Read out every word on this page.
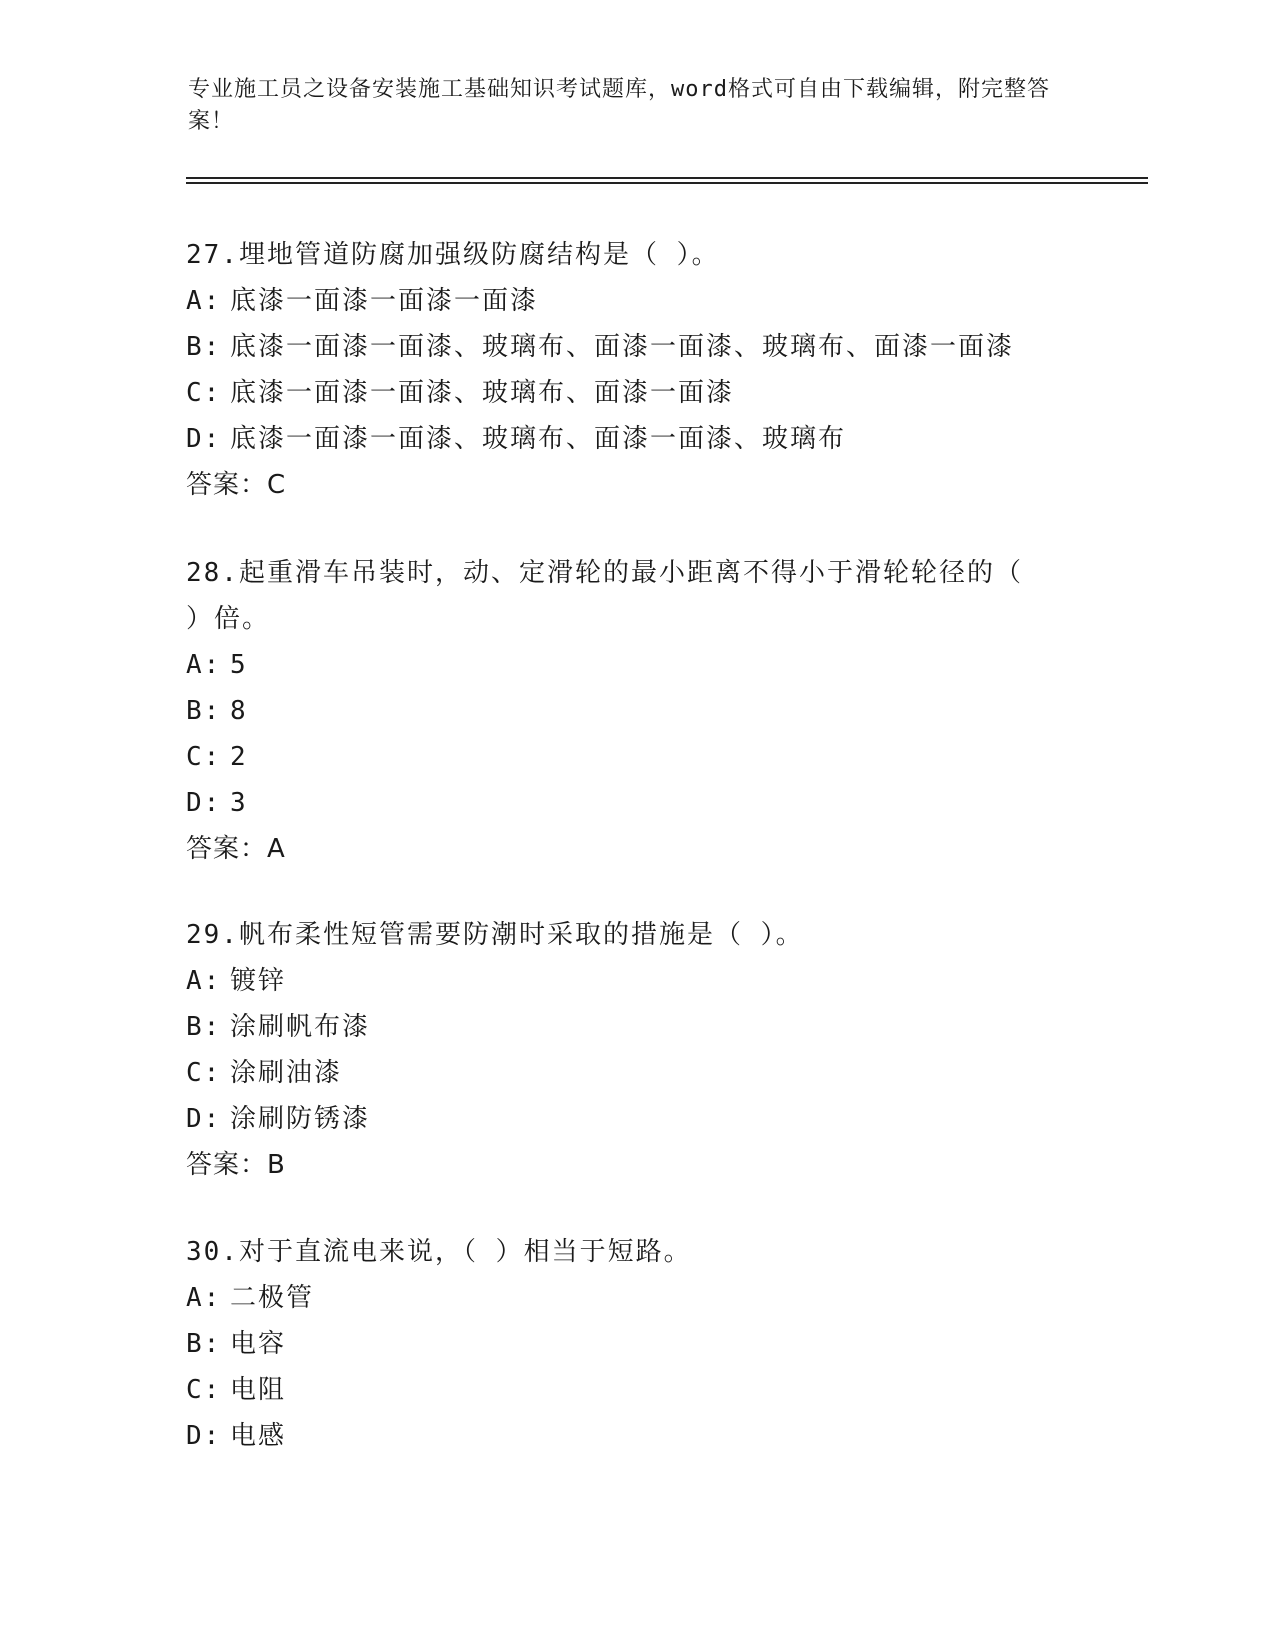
专业施工员之设备安装施工基础知识考试题库，word格式可自由下载编辑，附完整答案！
27.埋地管道防腐加强级防腐结构是（ ）。
A: 底漆一面漆一面漆一面漆
B: 底漆一面漆一面漆、玻璃布、面漆一面漆、玻璃布、面漆一面漆
C: 底漆一面漆一面漆、玻璃布、面漆一面漆
D: 底漆一面漆一面漆、玻璃布、面漆一面漆、玻璃布
答案：C
28.起重滑车吊装时，动、定滑轮的最小距离不得小于滑轮轮径的（ ）倍。
A: 5
B: 8
C: 2
D: 3
答案：A
29.帆布柔性短管需要防潮时采取的措施是（ ）。
A: 镀锌
B: 涂刷帆布漆
C: 涂刷油漆
D: 涂刷防锈漆
答案：B
30.对于直流电来说，（ ）相当于短路。
A: 二极管
B: 电容
C: 电阻
D: 电感
